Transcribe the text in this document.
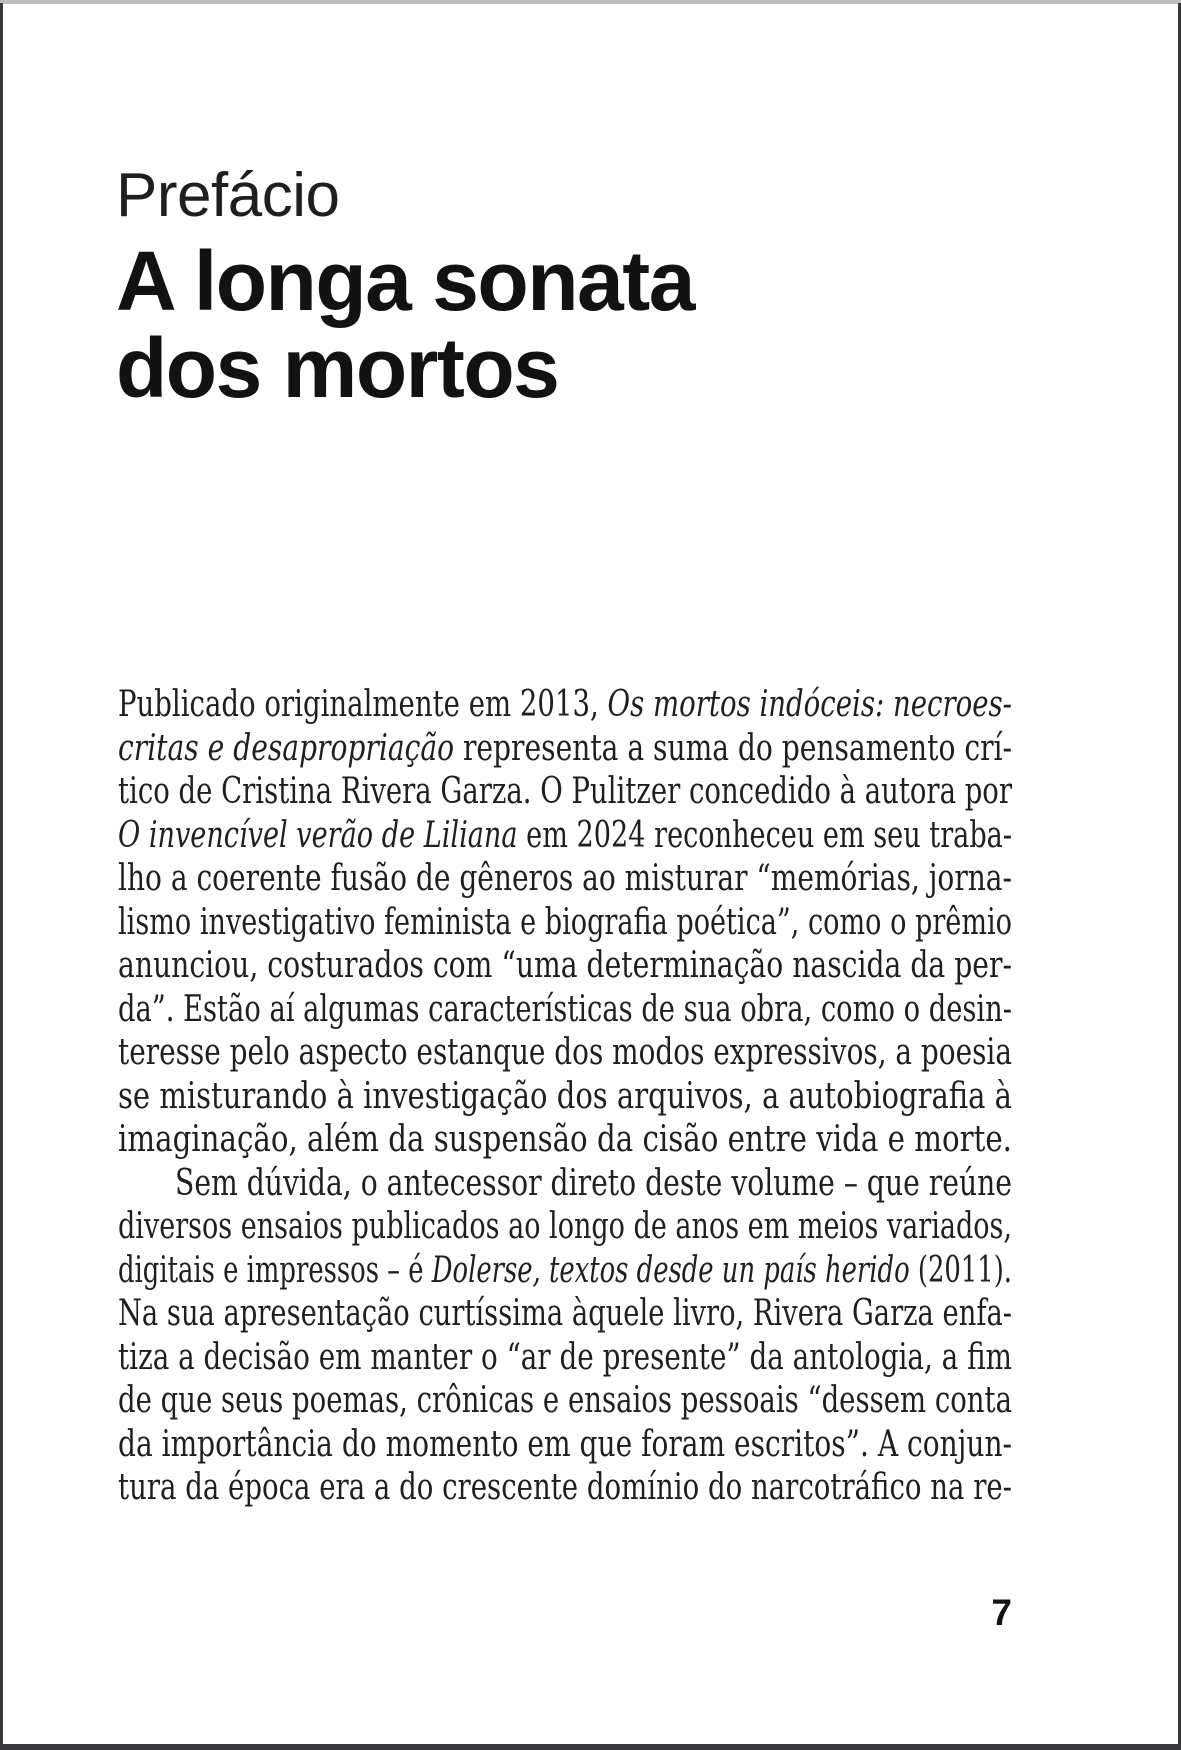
Prefácio
A longa sonata
dos mortos
Publicado originalmente em 2013, Os mortos indóceis: necroes-
critas e desapropriação representa a suma do pensamento crí-
tico de Cristina Rivera Garza. O Pulitzer concedido à autora por
O invencível verão de Liliana em 2024 reconheceu em seu traba-
lho a coerente fusão de gêneros ao misturar “memórias, jorna-
lismo investigativo feminista e biografia poética”, como o prêmio
anunciou, costurados com “uma determinação nascida da per-
da”. Estão aí algumas características de sua obra, como o desin-
teresse pelo aspecto estanque dos modos expressivos, a poesia
se misturando à investigação dos arquivos, a autobiografia à
imaginação, além da suspensão da cisão entre vida e morte.
Sem dúvida, o antecessor direto deste volume – que reúne
diversos ensaios publicados ao longo de anos em meios variados,
digitais e impressos – é Dolerse, textos desde un país herido (2011).
Na sua apresentação curtíssima àquele livro, Rivera Garza enfa-
tiza a decisão em manter o “ar de presente” da antologia, a fim
de que seus poemas, crônicas e ensaios pessoais “dessem conta
da importância do momento em que foram escritos”. A conjun-
tura da época era a do crescente domínio do narcotráfico na re-
7
